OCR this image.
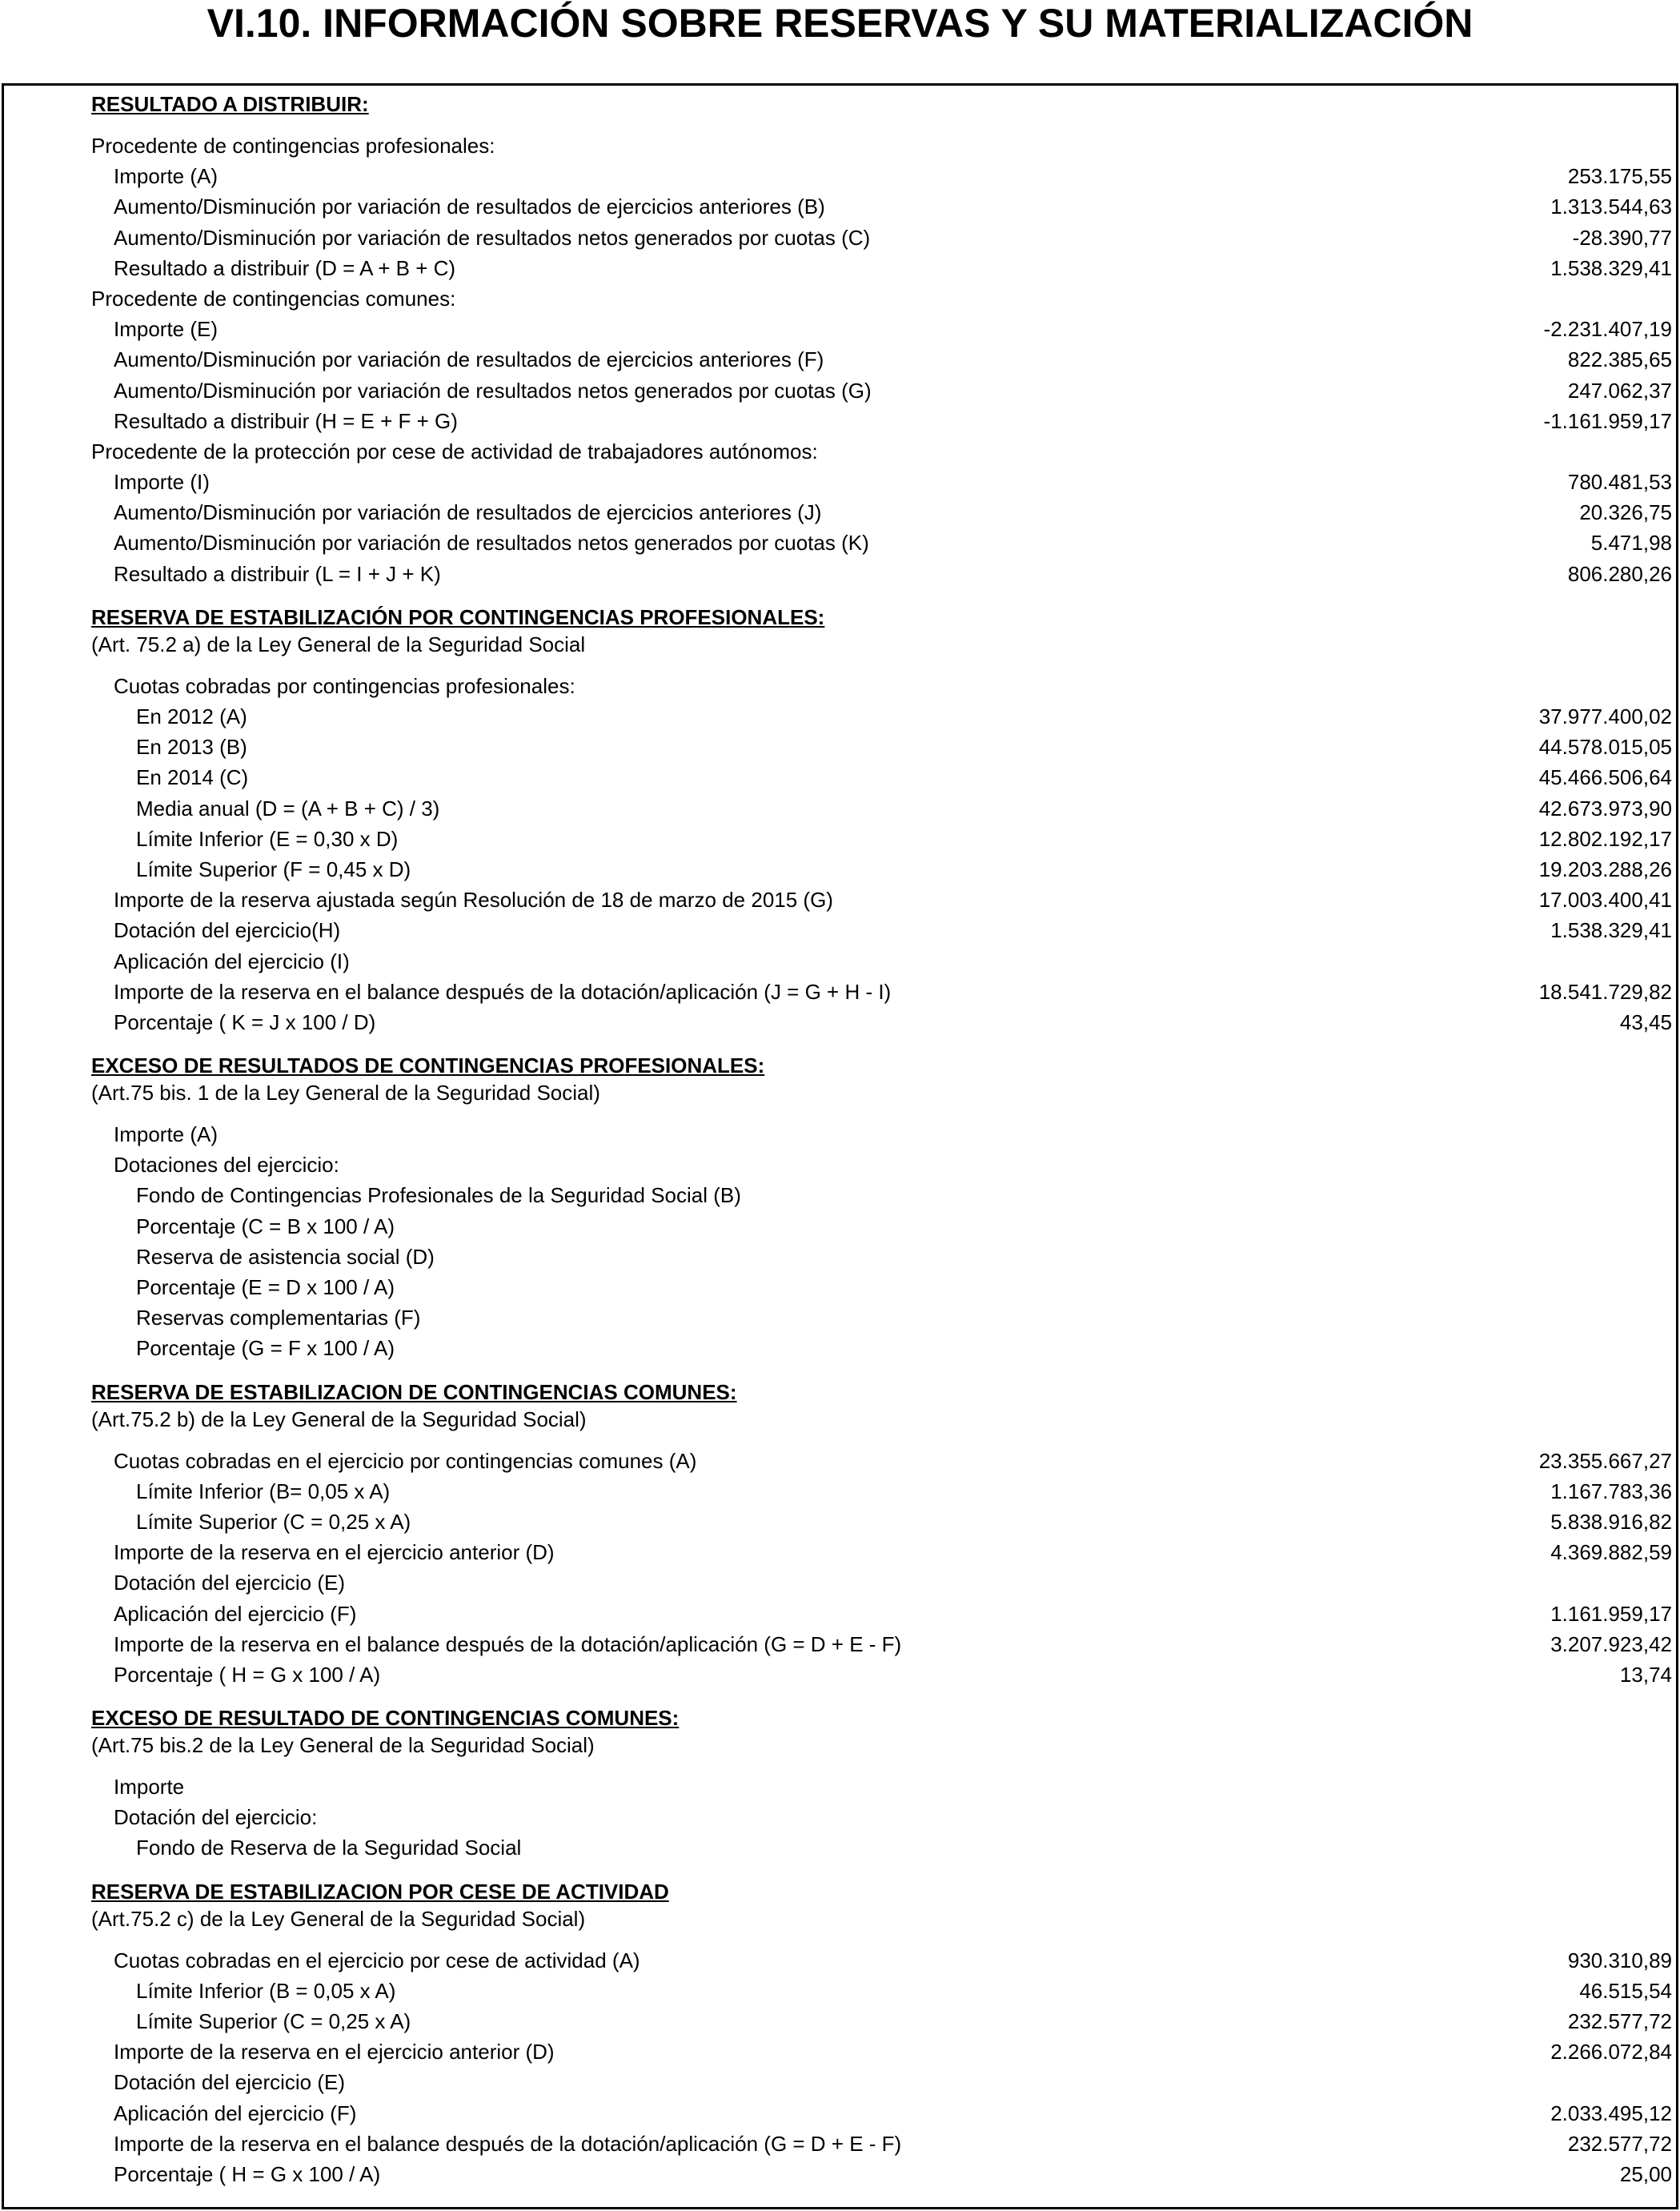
VI.10. INFORMACIÓN SOBRE RESERVAS Y SU MATERIALIZACIÓN
RESULTADO A DISTRIBUIR:
Procedente de contingencias profesionales:
Importe (A)	253.175,55
Aumento/Disminución por variación de resultados de ejercicios anteriores (B)	1.313.544,63
Aumento/Disminución por variación de resultados netos generados por cuotas (C)	-28.390,77
Resultado a distribuir (D = A + B + C)	1.538.329,41
Procedente de contingencias comunes:
Importe (E)	-2.231.407,19
Aumento/Disminución por variación de resultados de ejercicios anteriores (F)	822.385,65
Aumento/Disminución por variación de resultados netos generados por cuotas (G)	247.062,37
Resultado a distribuir (H = E + F + G)	-1.161.959,17
Procedente de la protección por cese de actividad de trabajadores autónomos:
Importe (I)	780.481,53
Aumento/Disminución por variación de resultados de ejercicios anteriores (J)	20.326,75
Aumento/Disminución por variación de resultados netos generados por cuotas (K)	5.471,98
Resultado a distribuir (L = I + J + K)	806.280,26
RESERVA DE ESTABILIZACIÓN POR CONTINGENCIAS PROFESIONALES:
(Art. 75.2 a) de la Ley General de la Seguridad Social
Cuotas cobradas por contingencias profesionales:
En 2012 (A)	37.977.400,02
En 2013 (B)	44.578.015,05
En 2014 (C)	45.466.506,64
Media anual (D = (A + B + C) / 3)	42.673.973,90
Límite Inferior (E = 0,30 x D)	12.802.192,17
Límite Superior (F = 0,45 x D)	19.203.288,26
Importe de la reserva ajustada según Resolución de 18 de marzo de 2015 (G)	17.003.400,41
Dotación del ejercicio(H)	1.538.329,41
Aplicación del ejercicio (I)
Importe de la reserva en el balance después de la dotación/aplicación (J = G + H - I)	18.541.729,82
Porcentaje ( K = J x 100 / D)	43,45
EXCESO DE RESULTADOS DE CONTINGENCIAS PROFESIONALES:
(Art.75 bis. 1 de la Ley General de la Seguridad Social)
Importe (A)
Dotaciones del ejercicio:
Fondo de Contingencias Profesionales de la Seguridad Social (B)
Porcentaje (C = B x 100 / A)
Reserva de asistencia social (D)
Porcentaje (E = D x 100 / A)
Reservas complementarias (F)
Porcentaje (G = F x 100 / A)
RESERVA DE ESTABILIZACION DE CONTINGENCIAS COMUNES:
(Art.75.2 b) de la Ley General de la Seguridad Social)
Cuotas cobradas en el ejercicio por contingencias comunes (A)	23.355.667,27
Límite Inferior (B= 0,05 x A)	1.167.783,36
Límite Superior (C = 0,25 x A)	5.838.916,82
Importe de la reserva en el ejercicio anterior (D)	4.369.882,59
Dotación del ejercicio (E)
Aplicación del ejercicio (F)	1.161.959,17
Importe de la reserva en el balance después de la dotación/aplicación (G = D + E - F)	3.207.923,42
Porcentaje ( H = G x 100 / A)	13,74
EXCESO DE RESULTADO DE CONTINGENCIAS COMUNES:
(Art.75 bis.2 de la Ley General de la Seguridad Social)
Importe
Dotación del ejercicio:
Fondo de Reserva de la Seguridad Social
RESERVA DE ESTABILIZACION POR CESE DE ACTIVIDAD
(Art.75.2 c) de la Ley General de la Seguridad Social)
Cuotas cobradas en el ejercicio por cese de actividad (A)	930.310,89
Límite Inferior (B = 0,05 x A)	46.515,54
Límite Superior (C = 0,25 x A)	232.577,72
Importe de la reserva en el ejercicio anterior (D)	2.266.072,84
Dotación del ejercicio (E)
Aplicación del ejercicio (F)	2.033.495,12
Importe de la reserva en el balance después de la dotación/aplicación (G = D + E - F)	232.577,72
Porcentaje ( H = G x 100 / A)	25,00
